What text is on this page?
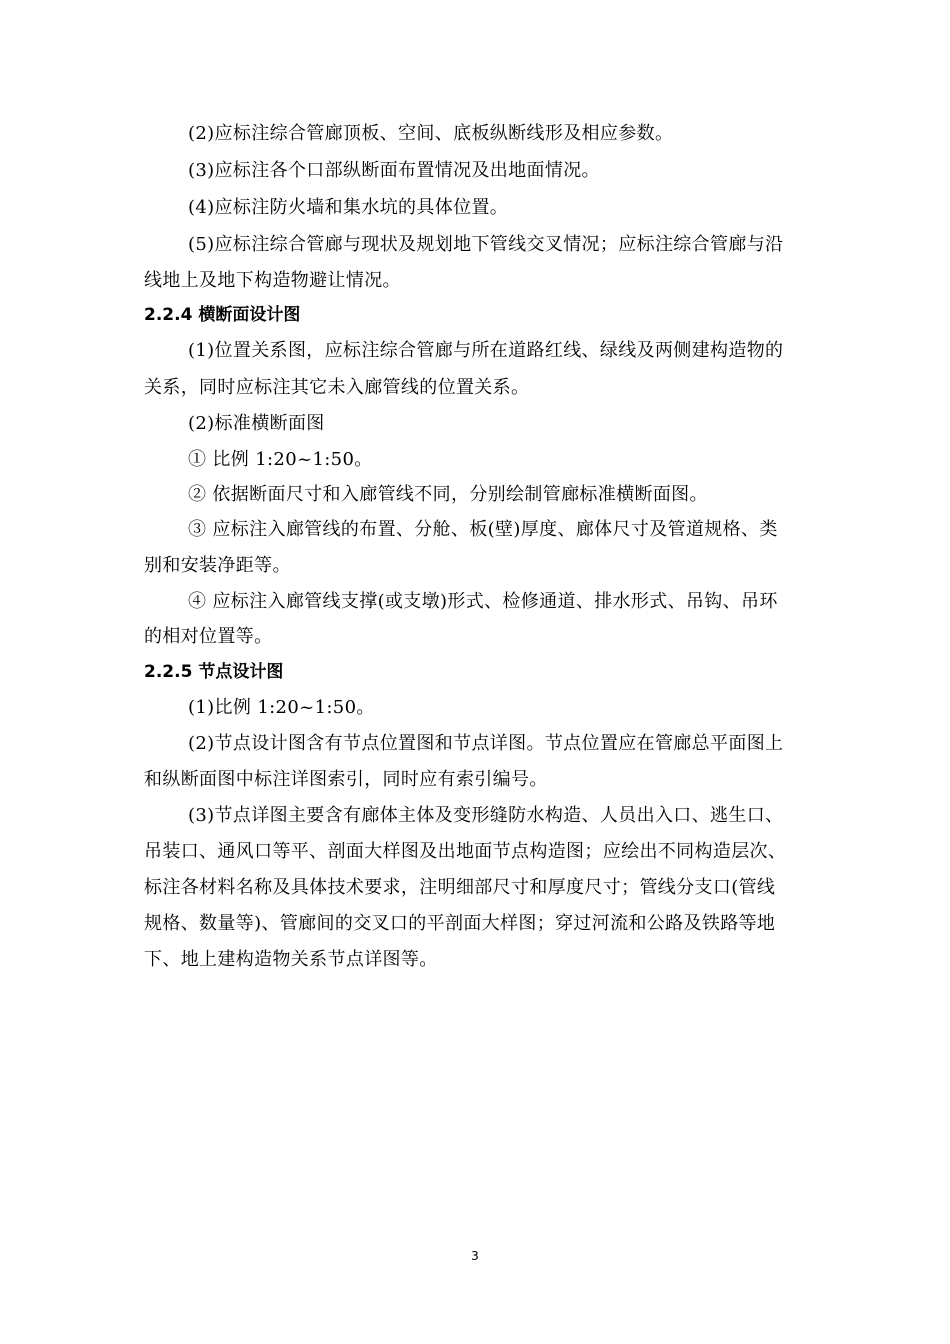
(2)应标注综合管廊顶板、空间、底板纵断线形及相应参数。
(3)应标注各个口部纵断面布置情况及出地面情况。
(4)应标注防火墙和集水坑的具体位置。
(5)应标注综合管廊与现状及规划地下管线交叉情况；应标注综合管廊与沿
线地上及地下构造物避让情况。
2.2.4 横断面设计图
(1)位置关系图，应标注综合管廊与所在道路红线、绿线及两侧建构造物的
关系，同时应标注其它未入廊管线的位置关系。
(2)标准横断面图
① 比例 1:20~1:50。
② 依据断面尺寸和入廊管线不同，分别绘制管廊标准横断面图。
③ 应标注入廊管线的布置、分舱、板(壁)厚度、廊体尺寸及管道规格、类
别和安装净距等。
④ 应标注入廊管线支撑(或支墩)形式、检修通道、排水形式、吊钩、吊环
的相对位置等。
2.2.5 节点设计图
(1)比例 1:20~1:50。
(2)节点设计图含有节点位置图和节点详图。节点位置应在管廊总平面图上
和纵断面图中标注详图索引，同时应有索引编号。
(3)节点详图主要含有廊体主体及变形缝防水构造、人员出入口、逃生口、
吊装口、通风口等平、剖面大样图及出地面节点构造图；应绘出不同构造层次、
标注各材料名称及具体技术要求，注明细部尺寸和厚度尺寸；管线分支口(管线
规格、数量等)、管廊间的交叉口的平剖面大样图；穿过河流和公路及铁路等地
下、地上建构造物关系节点详图等。
3
